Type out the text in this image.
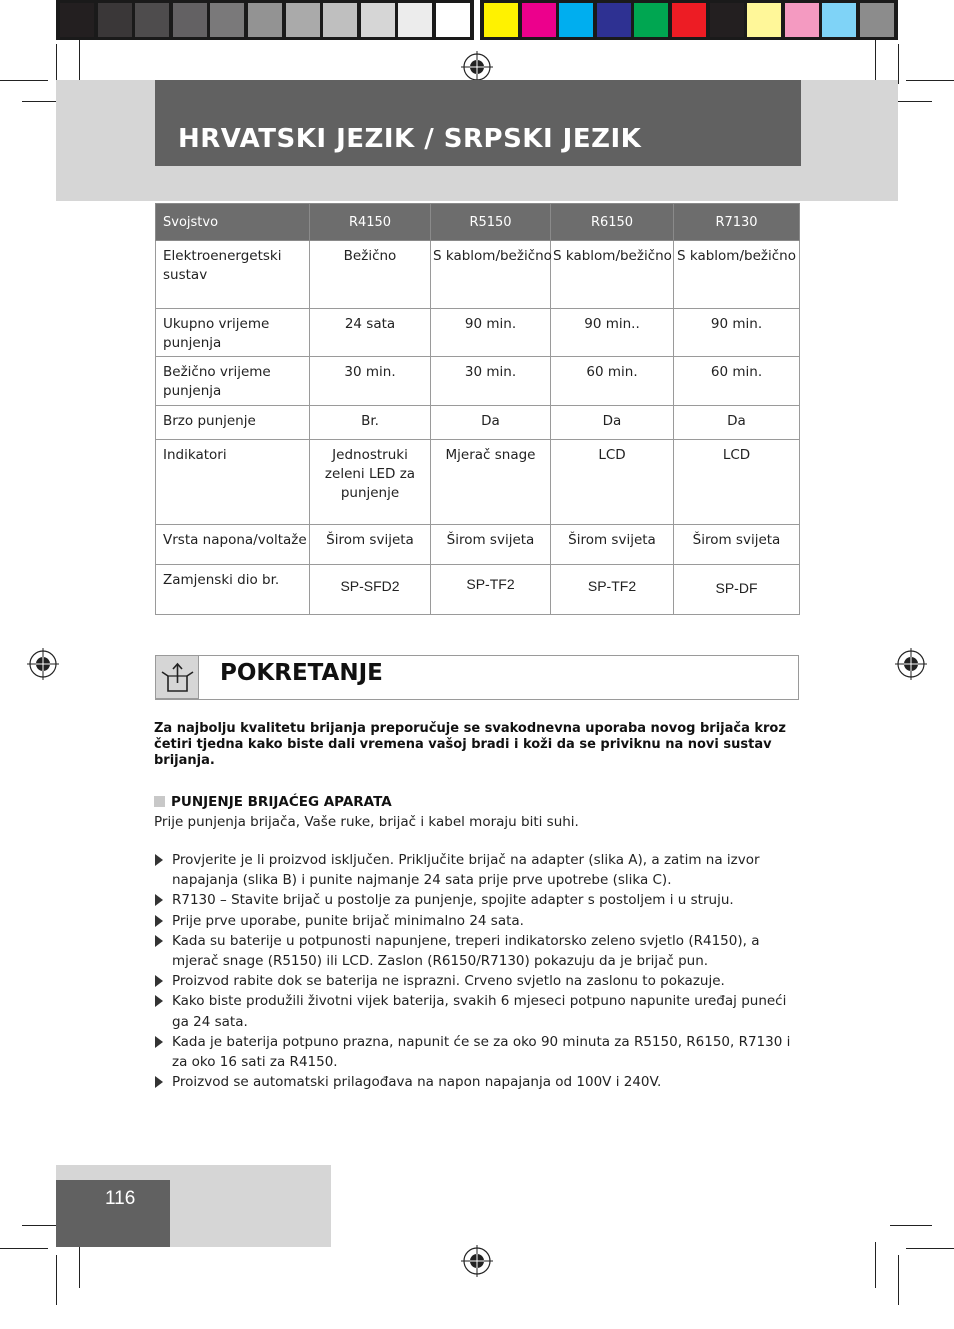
HRVATSKI JEZIK / SRPSKI JEZIK
Svojstvo	R4150	R5150	R6150	R7130
Elektroenergetski sustav	Bežično	S kablom/bežično	S kablom/bežično	S kablom/bežično
Ukupno vrijeme punjenja	24 sata	90 min.	90 min..	90 min.
Bežično vrijeme punjenja	30 min.	30 min.	60 min.	60 min.
Brzo punjenje	Br.	Da	Da	Da
Indikatori	Jednostruki zeleni LED za punjenje	Mjerač snage	LCD	LCD
Vrsta napona/voltaže	Širom svijeta	Širom svijeta	Širom svijeta	Širom svijeta
Zamjenski dio br.	SP-SFD2	SP-TF2	SP-TF2	SP-DF
POKRETANJE
Za najbolju kvalitetu brijanja preporučuje se svakodnevna uporaba novog brijača kroz četiri tjedna kako biste dali vremena vašoj bradi i koži da se priviknu na novi sustav brijanja.
PUNJENJE BRIJAĆEG APARATA
Prije punjenja brijača, Vaše ruke, brijač i kabel moraju biti suhi.
Provjerite je li proizvod isključen. Priključite brijač na adapter (slika A), a zatim na izvor napajanja (slika B) i punite najmanje 24 sata prije prve upotrebe (slika C).
R7130 – Stavite brijač u postolje za punjenje, spojite adapter s postoljem i u struju.
Prije prve uporabe, punite brijač minimalno 24 sata.
Kada su baterije u potpunosti napunjene, treperi indikatorsko zeleno svjetlo (R4150), a mjerač snage (R5150) ili LCD. Zaslon (R6150/R7130) pokazuju da je brijač pun.
Proizvod rabite dok se baterija ne isprazni. Crveno svjetlo na zaslonu to pokazuje.
Kako biste produžili životni vijek baterija, svakih 6 mjeseci potpuno napunite uređaj puneći ga 24 sata.
Kada je baterija potpuno prazna, napunit će se za oko 90 minuta za R5150, R6150, R7130 i za oko 16 sati za R4150.
Proizvod se automatski prilagođava na napon napajanja od 100V i 240V.
116
